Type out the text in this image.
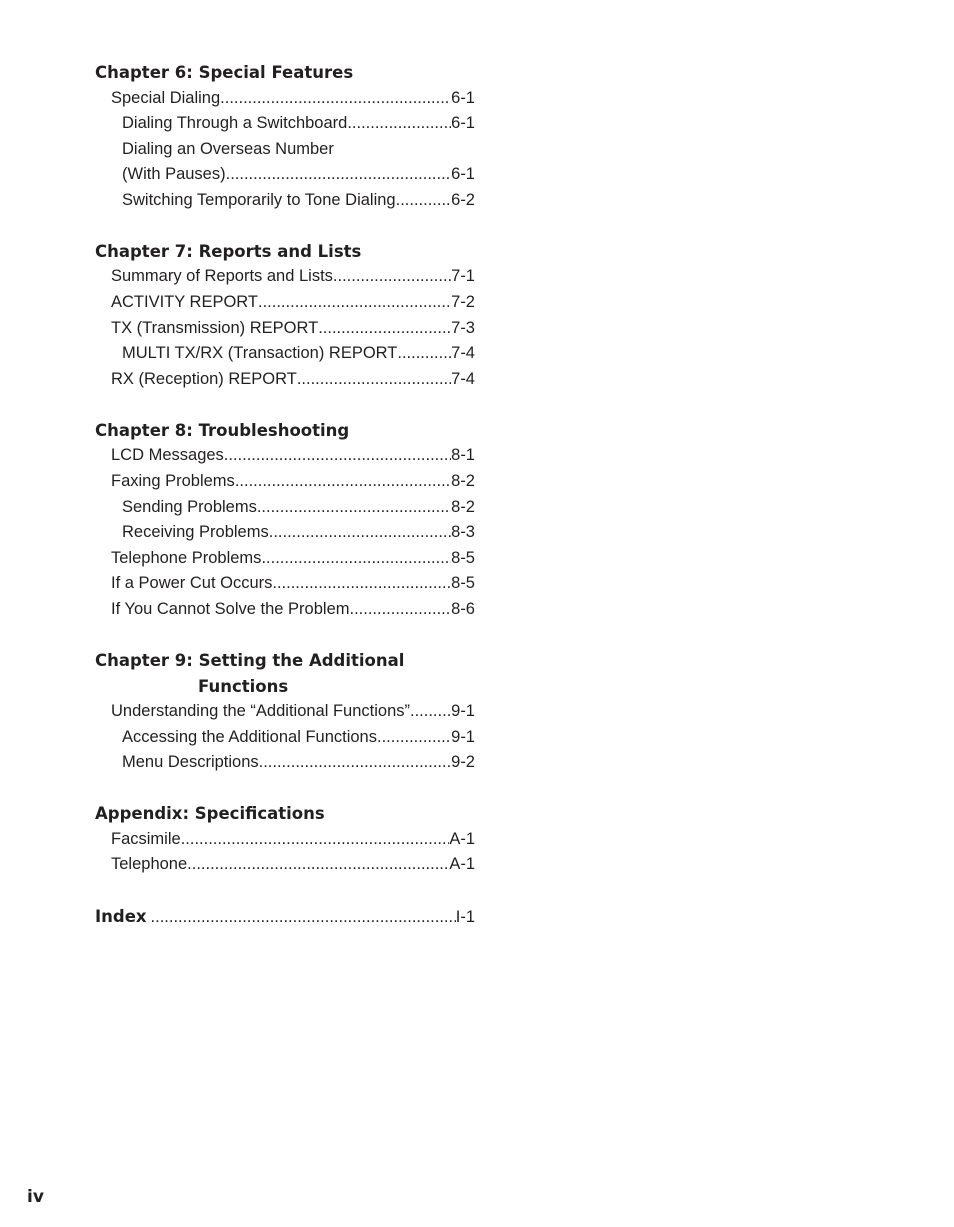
Chapter 6: Special Features
Special Dialing .....	6-1
Dialing Through a Switchboard .....	6-1
Dialing an Overseas Number
(With Pauses) .....	6-1
Switching Temporarily to Tone Dialing .....	6-2
Chapter 7: Reports and Lists
Summary of Reports and Lists .....	7-1
ACTIVITY REPORT .....	7-2
TX (Transmission) REPORT .....	7-3
MULTI TX/RX (Transaction) REPORT .....	7-4
RX (Reception) REPORT .....	7-4
Chapter 8: Troubleshooting
LCD Messages .....	8-1
Faxing Problems .....	8-2
Sending Problems .....	8-2
Receiving Problems .....	8-3
Telephone Problems .....	8-5
If a Power Cut Occurs .....	8-5
If You Cannot Solve the Problem .....	8-6
Chapter 9: Setting the Additional
Functions
Understanding the “Additional Functions” ..... 9-1
Accessing the Additional Functions .....	9-1
Menu Descriptions .....	9-2
Appendix: Specifications
Facsimile .....	A-1
Telephone .....	A-1
Index .....	I-1
iv
